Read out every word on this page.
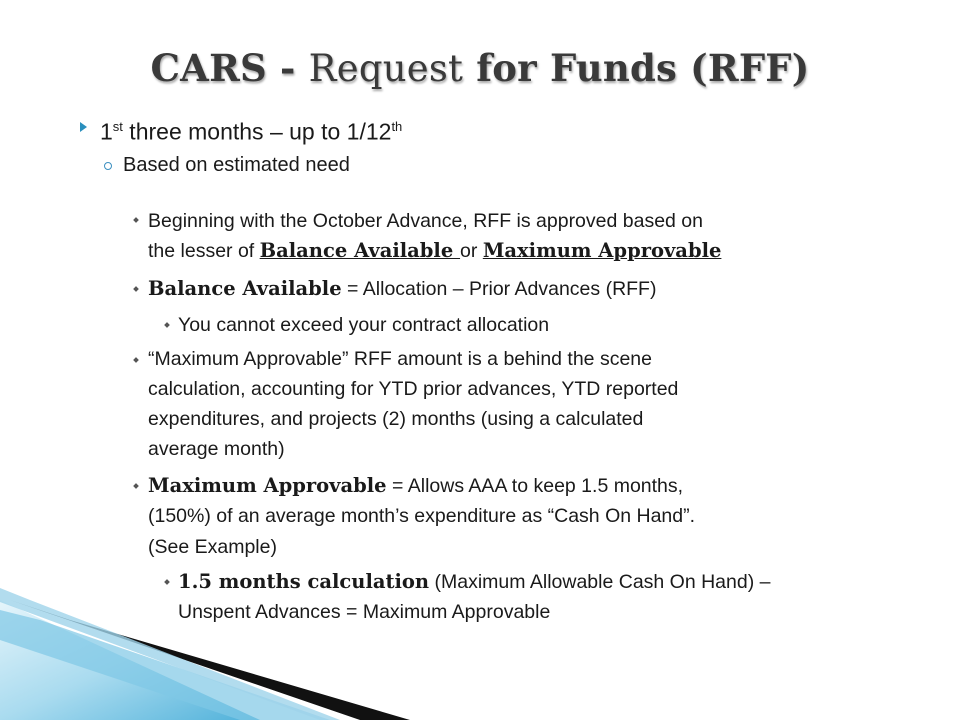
CARS - Request for Funds (RFF)
1st three months – up to 1/12th
Based on estimated need
Beginning with the October Advance, RFF is approved based on
the lesser of Balance Available or Maximum Approvable
Balance Available = Allocation – Prior Advances (RFF)
You cannot exceed your contract allocation
“Maximum Approvable” RFF amount is a behind the scene
calculation, accounting for YTD prior advances, YTD reported
expenditures, and projects (2) months (using a calculated
average month)
Maximum Approvable = Allows AAA to keep 1.5 months,
(150%) of an average month’s expenditure as “Cash On Hand”.
(See Example)
1.5 months calculation (Maximum Allowable Cash On Hand) –
Unspent Advances = Maximum Approvable
